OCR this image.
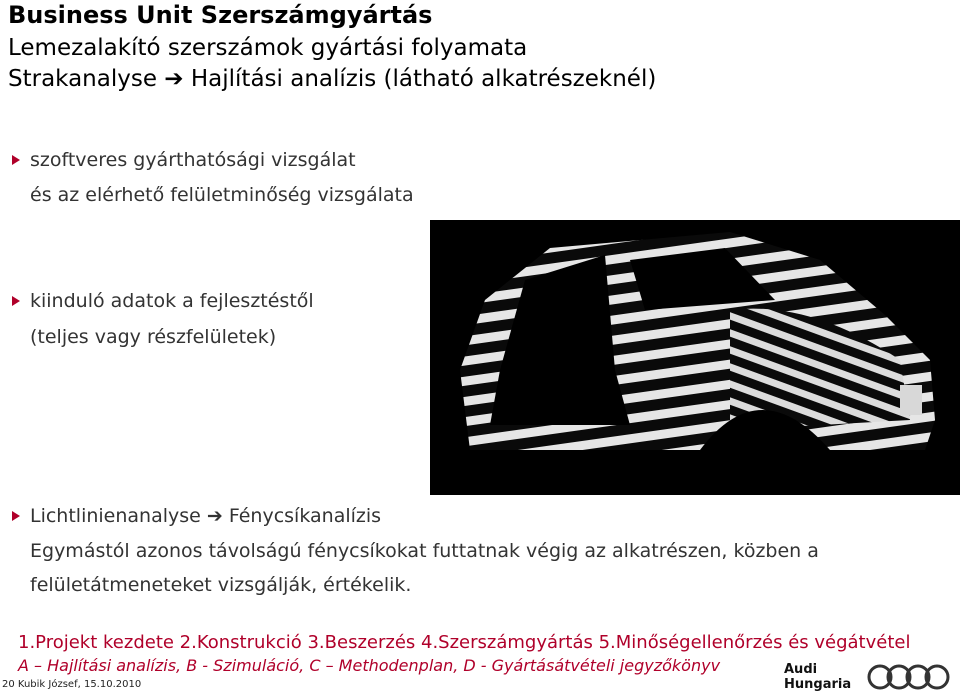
Business Unit Szerszámgyártás
Lemezalakító szerszámok gyártási folyamata
Strakanalyse ➔ Hajlítási analízis (látható alkatrészeknél)
szoftveres gyárthatósági vizsgálat
és az elérhető felületminőség vizsgálata
kiinduló adatok a fejlesztéstől
(teljes vagy részfelületek)
Lichtlinienanalyse ➔ Fénycsíkanalízis
Egymástól azonos távolságú fénycsíkokat futtatnak végig az alkatrészen, közben a
felületátmeneteket vizsgálják, értékelik.
1.Projekt kezdete 2.Konstrukció 3.Beszerzés 4.Szerszámgyártás 5.Minőségellenőrzés és végátvétel
A – Hajlítási analízis, B - Szimuláció, C – Methodenplan, D - Gyártásátvételi jegyzőkönyv
20 Kubik József, 15.10.2010
Audi
Hungaria
